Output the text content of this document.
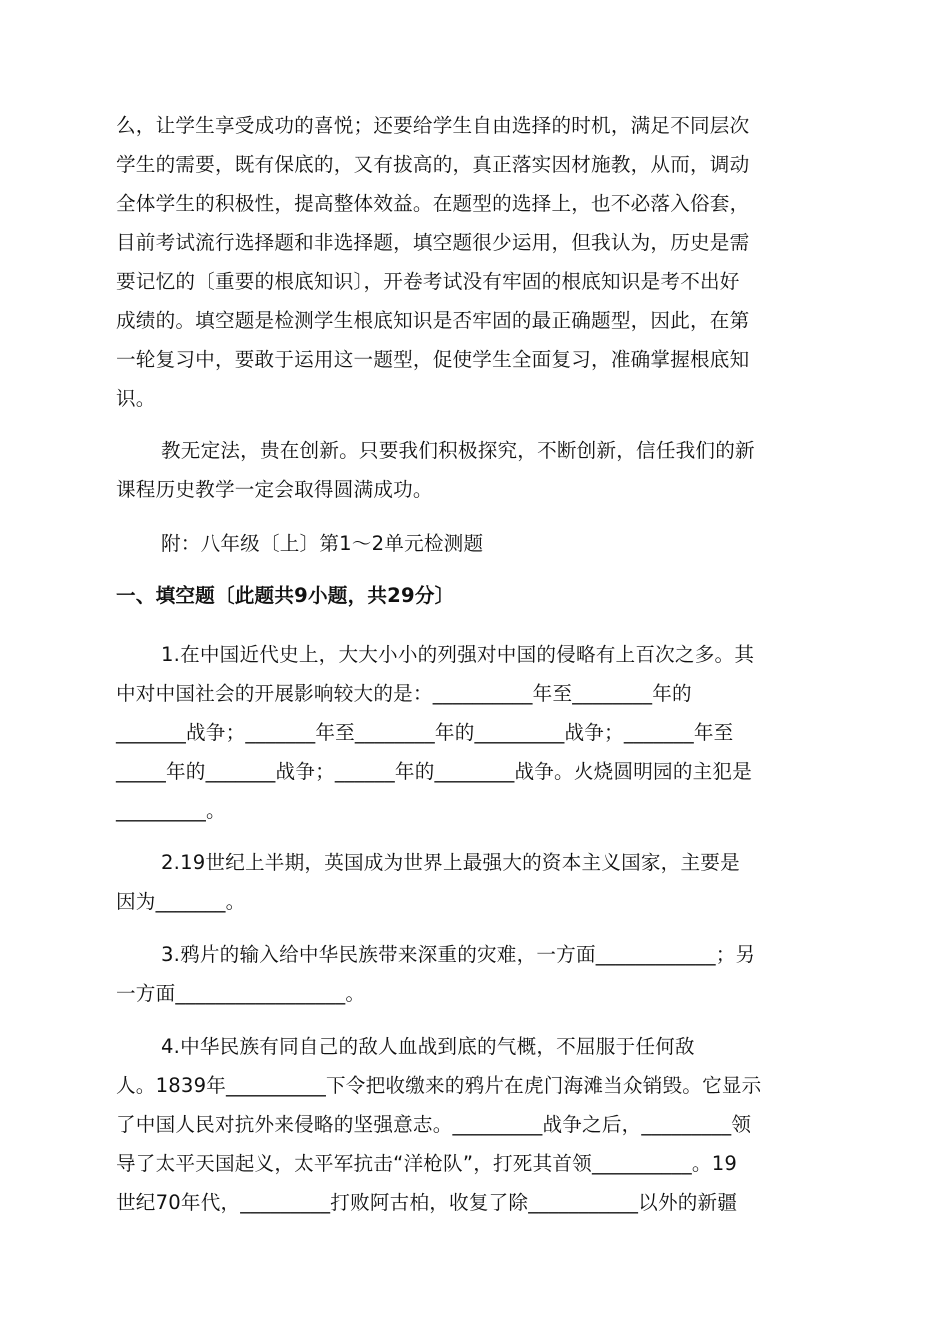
么，让学生享受成功的喜悦；还要给学生自由选择的时机，满足不同层次

学生的需要，既有保底的，又有拔高的，真正落实因材施教，从而，调动

全体学生的积极性，提高整体效益。在题型的选择上，也不必落入俗套，

目前考试流行选择题和非选择题，填空题很少运用，但我认为，历史是需

要记忆的〔重要的根底知识〕，开卷考试没有牢固的根底知识是考不出好

成绩的。填空题是检测学生根底知识是否牢固的最正确题型，因此，在第

一轮复习中，要敢于运用这一题型，促使学生全面复习，准确掌握根底知

识。

教无定法，贵在创新。只要我们积极探究，不断创新，信任我们的新

课程历史教学一定会取得圆满成功。

附：八年级〔上〕第1～2单元检测题

一、填空题〔此题共9小题，共29分〕

1.在中国近代史上，大大小小的列强对中国的侵略有上百次之多。其

中对中国社会的开展影响较大的是：__________年至________年的

_______战争；_______年至________年的_________战争；_______年至

_____年的_______战争；______年的________战争。火烧圆明园的主犯是

_________。

2.19世纪上半期，英国成为世界上最强大的资本主义国家，主要是

因为_______。

3.鸦片的输入给中华民族带来深重的灾难，一方面____________；另

一方面_________________。

4.中华民族有同自己的敌人血战到底的气概，不屈服于任何敌

人。1839年__________下令把收缴来的鸦片在虎门海滩当众销毁。它显示

了中国人民对抗外来侵略的坚强意志。_________战争之后，_________领

导了太平天国起义，太平军抗击“洋枪队”，打死其首领__________。19

世纪70年代，_________打败阿古柏，收复了除___________以外的新疆
